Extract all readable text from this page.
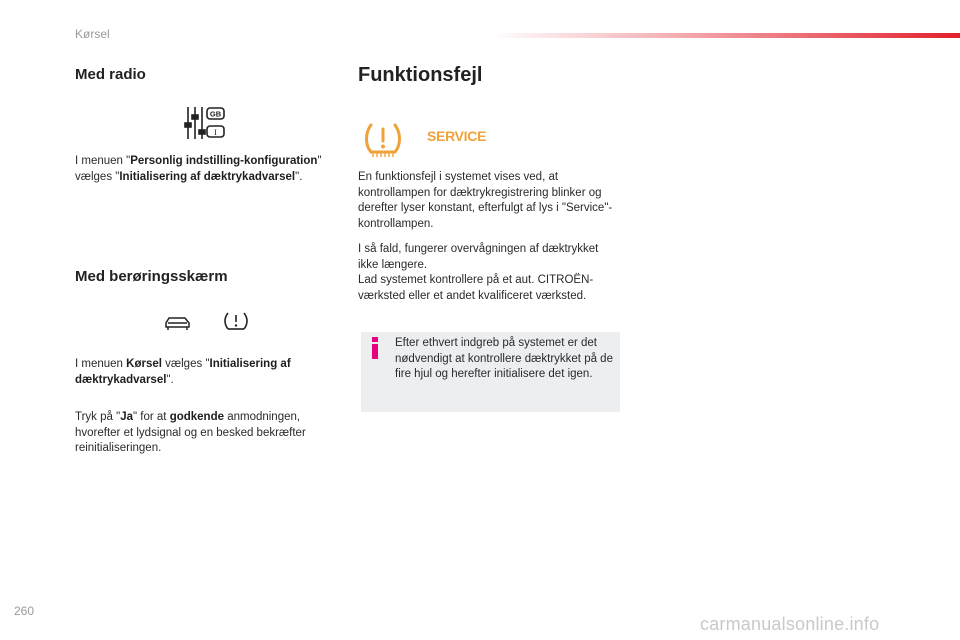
Kørsel
Med radio
GB
I

I menuen "Personlig indstilling-konfiguration" vælges "Initialisering af dæktrykadvarsel".

Med berøringsskærm

I menuen Kørsel vælges "Initialisering af dæktrykadvarsel".

Tryk på "Ja" for at godkende anmodningen, hvorefter et lydsignal og en besked bekræfter reinitialiseringen.

Funktionsfejl
SERVICE

En funktionsfejl i systemet vises ved, at kontrollampen for dæktrykregistrering blinker og derefter lyser konstant, efterfulgt af lys i "Service"-kontrollampen.

I så fald, fungerer overvågningen af dæktrykket ikke længere.
Lad systemet kontrollere på et aut. CITROËN-værksted eller et andet kvalificeret værksted.

Efter ethvert indgreb på systemet er det nødvendigt at kontrollere dæktrykket på de fire hjul og herefter initialisere det igen.
260
carmanualsonline.info
